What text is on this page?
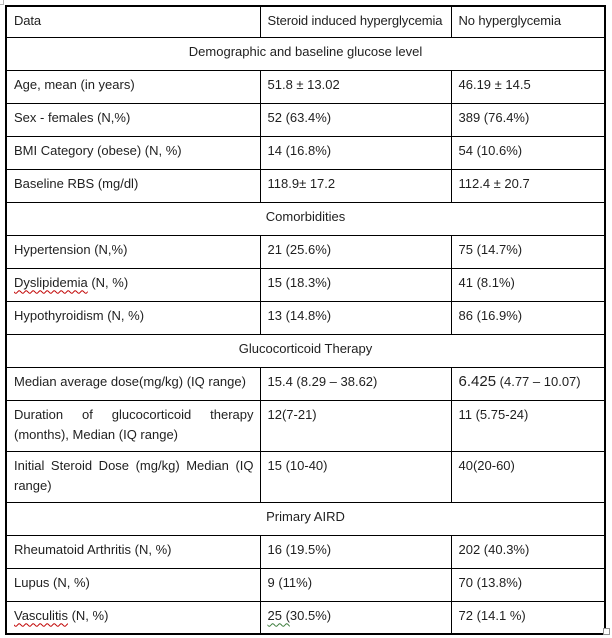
Data	Steroid induced hyperglycemia	No hyperglycemia
Demographic and baseline glucose level		
Age, mean (in years)	51.8 ± 13.02	46.19 ± 14.5
Sex - females (N,%)	52 (63.4%)	389 (76.4%)
BMI Category (obese) (N, %)	14 (16.8%)	54 (10.6%)
Baseline RBS (mg/dl)	118.9± 17.2	112.4 ± 20.7
Comorbidities		
Hypertension (N,%)	21 (25.6%)	75 (14.7%)
Dyslipidemia (N, %)	15 (18.3%)	41 (8.1%)
Hypothyroidism (N, %)	13 (14.8%)	86 (16.9%)
Glucocorticoid Therapy		
Median average dose(mg/kg) (IQ range)	15.4 (8.29 – 38.62)	6.425 (4.77 – 10.07)
Duration of glucocorticoid therapy (months), Median (IQ range)	12(7-21)	11 (5.75-24)
Initial Steroid Dose (mg/kg) Median (IQ range)	15 (10-40)	40(20-60)
Primary AIRD		
Rheumatoid Arthritis (N, %)	16 (19.5%)	202 (40.3%)
Lupus (N, %)	9 (11%)	70 (13.8%)
Vasculitis (N, %)	25 (30.5%)	72 (14.1 %)
